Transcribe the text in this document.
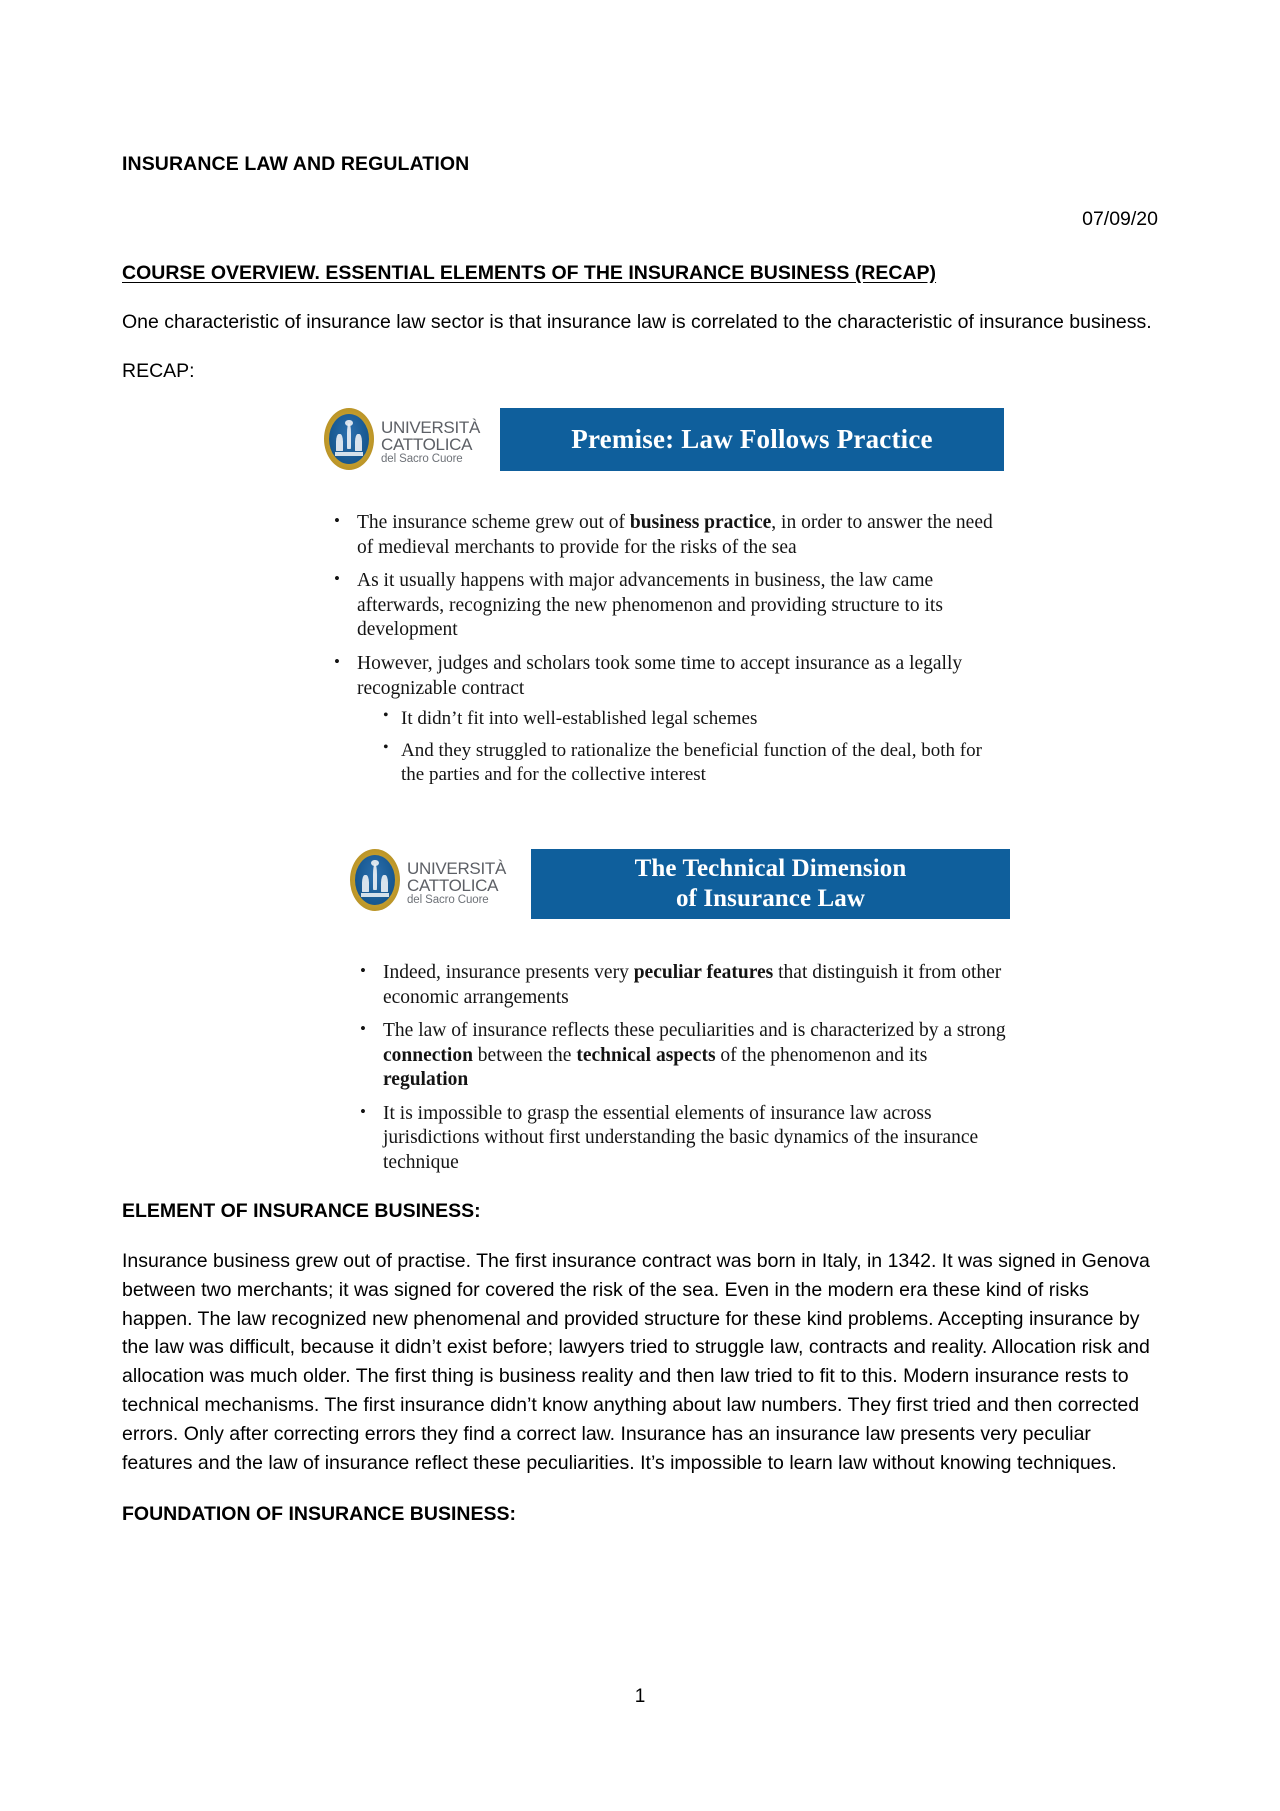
INSURANCE LAW AND REGULATION
07/09/20
COURSE OVERVIEW. ESSENTIAL ELEMENTS OF THE INSURANCE BUSINESS (RECAP)
One characteristic of insurance law sector is that insurance law is correlated to the characteristic of insurance business.
RECAP:
UNIVERSITÀ
CATTOLICA
del Sacro Cuore
Premise: Law Follows Practice
• The insurance scheme grew out of business practice, in order to answer the need of medieval merchants to provide for the risks of the sea
• As it usually happens with major advancements in business, the law came afterwards, recognizing the new phenomenon and providing structure to its development
• However, judges and scholars took some time to accept insurance as a legally recognizable contract
• It didn’t fit into well-established legal schemes
• And they struggled to rationalize the beneficial function of the deal, both for the parties and for the collective interest
UNIVERSITÀ
CATTOLICA
del Sacro Cuore
The Technical Dimension
of Insurance Law
• Indeed, insurance presents very peculiar features that distinguish it from other economic arrangements
• The law of insurance reflects these peculiarities and is characterized by a strong connection between the technical aspects of the phenomenon and its regulation
• It is impossible to grasp the essential elements of insurance law across jurisdictions without first understanding the basic dynamics of the insurance technique
ELEMENT OF INSURANCE BUSINESS:
Insurance business grew out of practise. The first insurance contract was born in Italy, in 1342. It was signed in Genova between two merchants; it was signed for covered the risk of the sea. Even in the modern era these kind of risks happen. The law recognized new phenomenal and provided structure for these kind problems. Accepting insurance by the law was difficult, because it didn’t exist before; lawyers tried to struggle law, contracts and reality. Allocation risk and allocation was much older. The first thing is business reality and then law tried to fit to this. Modern insurance rests to technical mechanisms. The first insurance didn’t know anything about law numbers. They first tried and then corrected errors. Only after correcting errors they find a correct law. Insurance has an insurance law presents very peculiar features and the law of insurance reflect these peculiarities. It’s impossible to learn law without knowing techniques.
FOUNDATION OF INSURANCE BUSINESS:
1
